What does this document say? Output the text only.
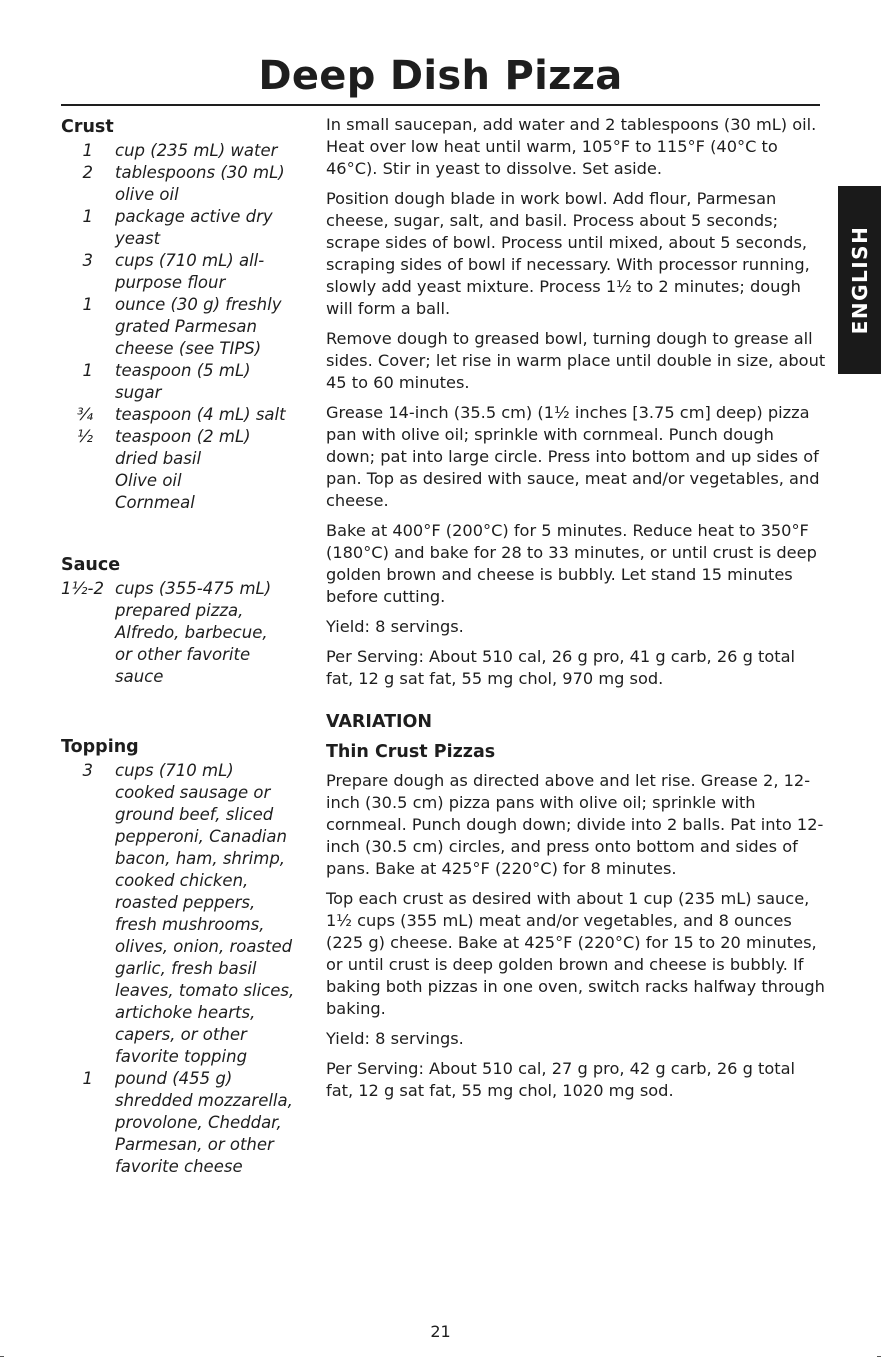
Deep Dish Pizza
ENGLISH
Crust
1 cup (235 mL) water
2 tablespoons (30 mL)
olive oil
1 package active dry
yeast
3 cups (710 mL) all-
purpose flour
1 ounce (30 g) freshly
grated Parmesan
cheese (see TIPS)
1 teaspoon (5 mL)
sugar
¾ teaspoon (4 mL) salt
½ teaspoon (2 mL)
dried basil
Olive oil
Cornmeal
Sauce
1½-2 cups (355-475 mL)
prepared pizza,
Alfredo, barbecue,
or other favorite
sauce
Topping
3 cups (710 mL)
cooked sausage or
ground beef, sliced
pepperoni, Canadian
bacon, ham, shrimp,
cooked chicken,
roasted peppers,
fresh mushrooms,
olives, onion, roasted
garlic, fresh basil
leaves, tomato slices,
artichoke hearts,
capers, or other
favorite topping
1 pound (455 g)
shredded mozzarella,
provolone, Cheddar,
Parmesan, or other
favorite cheese

In small saucepan, add water and 2 tablespoons (30 mL) oil. Heat over low heat until warm, 105°F to 115°F (40°C to 46°C). Stir in yeast to dissolve. Set aside.

Position dough blade in work bowl. Add flour, Parmesan cheese, sugar, salt, and basil. Process about 5 seconds; scrape sides of bowl. Process until mixed, about 5 seconds, scraping sides of bowl if necessary. With processor running, slowly add yeast mixture. Process 1½ to 2 minutes; dough will form a ball.

Remove dough to greased bowl, turning dough to grease all sides. Cover; let rise in warm place until double in size, about 45 to 60 minutes.

Grease 14-inch (35.5 cm) (1½ inches [3.75 cm] deep) pizza pan with olive oil; sprinkle with cornmeal. Punch dough down; pat into large circle. Press into bottom and up sides of pan. Top as desired with sauce, meat and/or vegetables, and cheese.

Bake at 400°F (200°C) for 5 minutes. Reduce heat to 350°F (180°C) and bake for 28 to 33 minutes, or until crust is deep golden brown and cheese is bubbly. Let stand 15 minutes before cutting.

Yield: 8 servings.

Per Serving: About 510 cal, 26 g pro, 41 g carb, 26 g total fat, 12 g sat fat, 55 mg chol, 970 mg sod.

VARIATION

Thin Crust Pizzas

Prepare dough as directed above and let rise. Grease 2, 12-inch (30.5 cm) pizza pans with olive oil; sprinkle with cornmeal. Punch dough down; divide into 2 balls. Pat into 12-inch (30.5 cm) circles, and press onto bottom and sides of pans. Bake at 425°F (220°C) for 8 minutes.

Top each crust as desired with about 1 cup (235 mL) sauce, 1½ cups (355 mL) meat and/or vegetables, and 8 ounces (225 g) cheese. Bake at 425°F (220°C) for 15 to 20 minutes, or until crust is deep golden brown and cheese is bubbly. If baking both pizzas in one oven, switch racks halfway through baking.

Yield: 8 servings.

Per Serving: About 510 cal, 27 g pro, 42 g carb, 26 g total fat, 12 g sat fat, 55 mg chol, 1020 mg sod.

21
